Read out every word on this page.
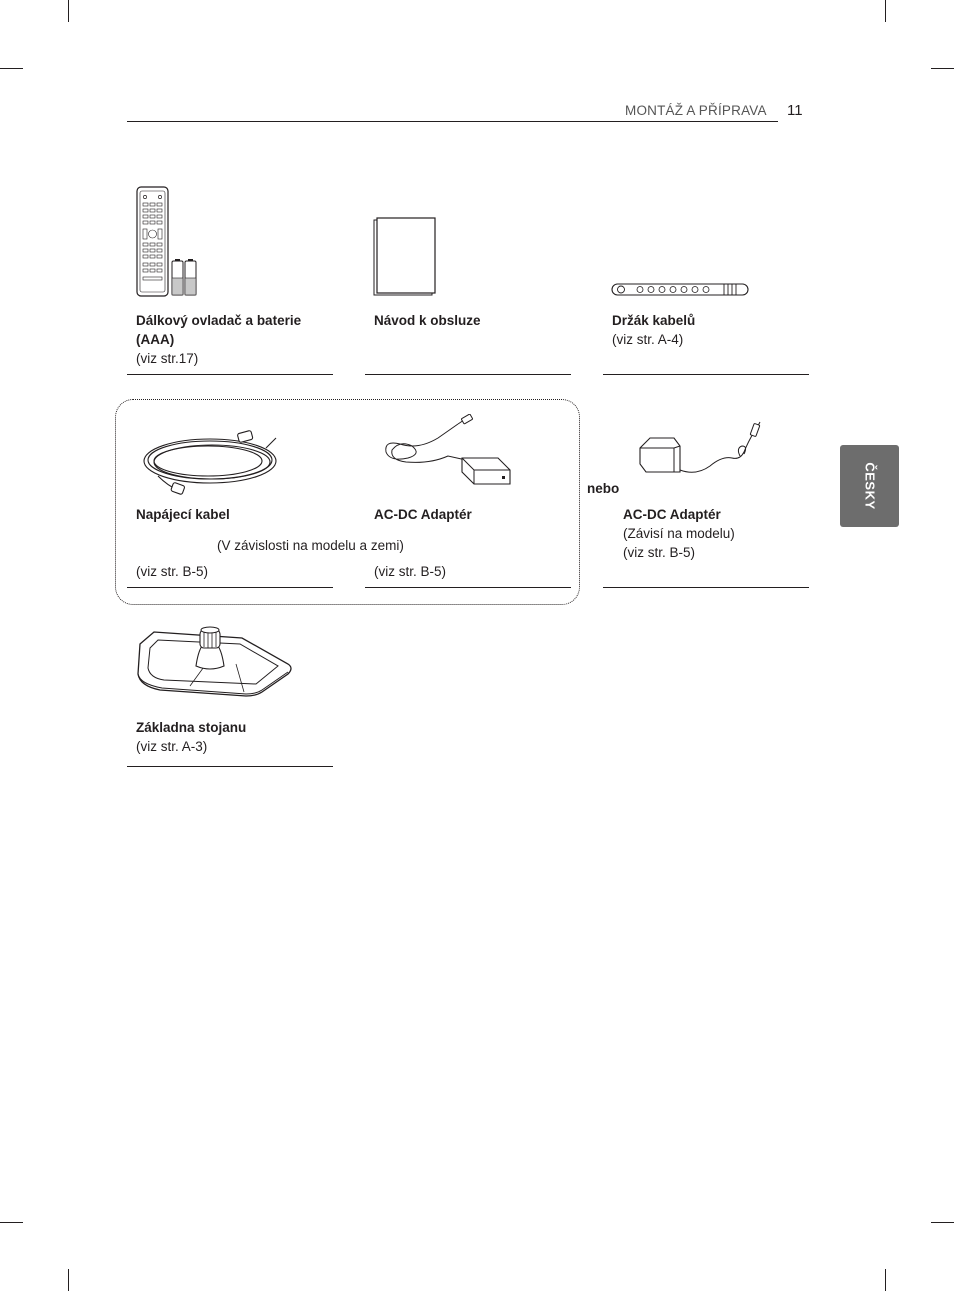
MONTÁŽ A PŘÍPRAVA 11
ČESKY
Dálkový ovladač a baterie (AAA)
(viz str.17)
Návod k obsluze	Držák kabelů
(viz str. A-4)
Napájecí kabel
(V závislosti na modelu a zemi)
(viz str. B-5)
AC-DC Adaptér
(viz str. B-5)
nebo
AC-DC Adaptér
(Závisí na modelu)
(viz str. B-5)
Základna stojanu
(viz str. A-3)
